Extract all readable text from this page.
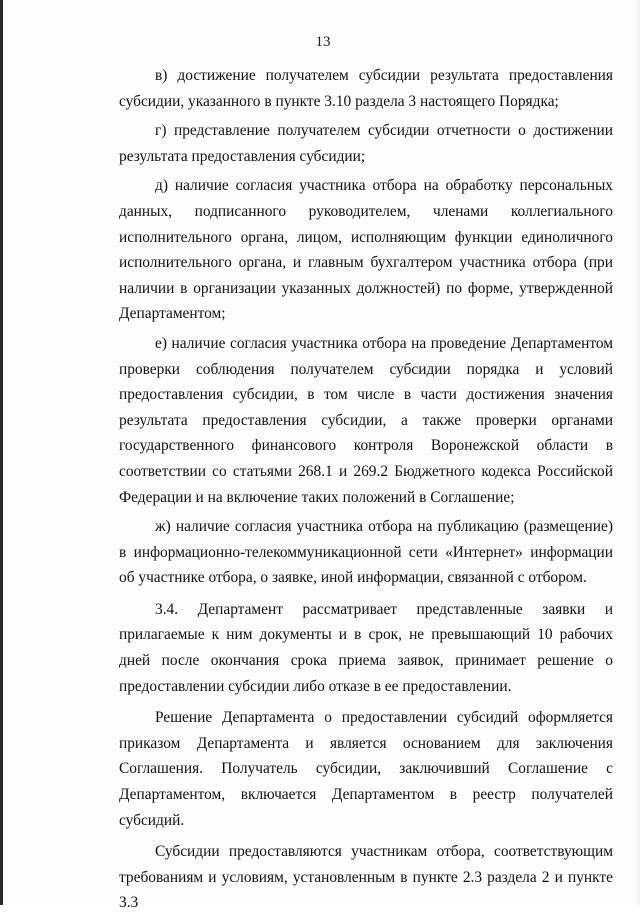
13

в) достижение получателем субсидии результата предоставления субсидии, указанного в пункте 3.10 раздела 3 настоящего Порядка;

г) представление получателем субсидии отчетности о достижении результата предоставления субсидии;

д) наличие согласия участника отбора на обработку персональных данных, подписанного руководителем, членами коллегиального исполнительного органа, лицом, исполняющим функции единоличного исполнительного органа, и главным бухгалтером участника отбора (при наличии в организации указанных должностей) по форме, утвержденной Департаментом;

е) наличие согласия участника отбора на проведение Департаментом проверки соблюдения получателем субсидии порядка и условий предоставления субсидии, в том числе в части достижения значения результата предоставления субсидии, а также проверки органами государственного финансового контроля Воронежской области в соответствии со статьями 268.1 и 269.2 Бюджетного кодекса Российской Федерации и на включение таких положений в Соглашение;

ж) наличие согласия участника отбора на публикацию (размещение) в информационно-телекоммуникационной сети «Интернет» информации об участнике отбора, о заявке, иной информации, связанной с отбором.

3.4. Департамент рассматривает представленные заявки и прилагаемые к ним документы и в срок, не превышающий 10 рабочих дней после окончания срока приема заявок, принимает решение о предоставлении субсидии либо отказе в ее предоставлении.

Решение Департамента о предоставлении субсидий оформляется приказом Департамента и является основанием для заключения Соглашения. Получатель субсидии, заключивший Соглашение с Департаментом, включается Департаментом в реестр получателей субсидий.

Субсидии предоставляются участникам отбора, соответствующим требованиям и условиям, установленным в пункте 2.3 раздела 2 и пункте 3.3
